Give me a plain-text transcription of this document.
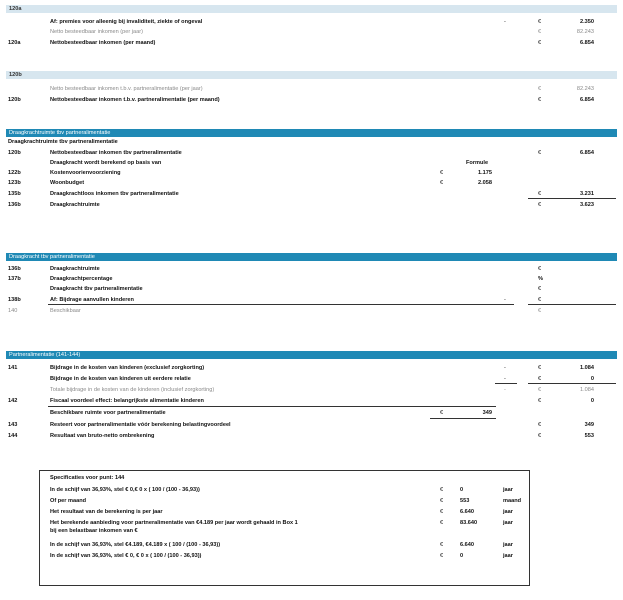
120a
Af: premies voor alleenig bij invaliditeit, ziekte of ongeval	-	€	2.350
Netto besteedbaar inkomen (per jaar)	€	82.243
120a	Nettobesteedbaar inkomen (per maand)	€	6.854
120b
Netto besteedbaar inkomen t.b.v. partneralimentatie (per jaar)	€	82.243
120b	Nettobesteedbaar inkomen t.b.v. partneralimentatie (per maand)	€	6.854
Draagkrachtruimte tbv partneralimentatie
Draagkrachtruimte tbv partneralimentatie
120b	Nettobesteedbaar inkomen tbv partneralimentatie	€	6.854
Draagkracht wordt berekend op basis van	Formule
122b	Kostenvoorienvoorziening	€	1.175
123b	Woonbudget	€	2.058
135b	Draagkrachtloos inkomen tbv partneralimentatie	€	3.231
136b	Draagkrachtruimte	€	3.623
Draagkracht tbv partneralimentatie
136b	Draagkrachtruimte	€
137b	Draagkrachtpercentage	%
Draagkracht tbv partneralimentatie	€
138b	Af: Bijdrage aanvullen kinderen	-	€
140	Beschikbaar	€
Partneralimentatie (141-144)
141	Bijdrage in de kosten van kinderen (exclusief zorgkorting)	-	€	1.084
Bijdrage in de kosten van kinderen uit eerdere relatie	-	€	0
Totale bijdrage in de kosten van de kinderen (inclusief zorgkorting)	-	€	1.084
142	Fiscaal voordeel effect: belangrijkste alimentatie kinderen	€	0
Beschikbare ruimte voor partneralimentatie	€	349
143	Resteert voor partneralimentatie vóór berekening belastingvoordeel	€	349
144	Resultaat van bruto-netto ombrekening	€	553
Specificaties voor punt: 144
In de schijf van 36,93%, stel € 0,€ 0 x ( 100 / (100 - 36,93))	€	0	jaar
Of per maand	€	553	maand
Het resultaat van de berekening is per jaar	€	6.640	jaar
Het berekende aanbieding voor partneralimentatie van €4.189 per jaar wordt gehaald in Box 1
bij een belastbaar inkomen van €
€	83.640	jaar
In de schijf van 36,93%, stel €4.189, €4.189 x ( 100 / (100 - 36,93))	€	6.640	jaar
In de schijf van 36,93%, stel € 0, € 0 x ( 100 / (100 - 36,93))	€	0	jaar
